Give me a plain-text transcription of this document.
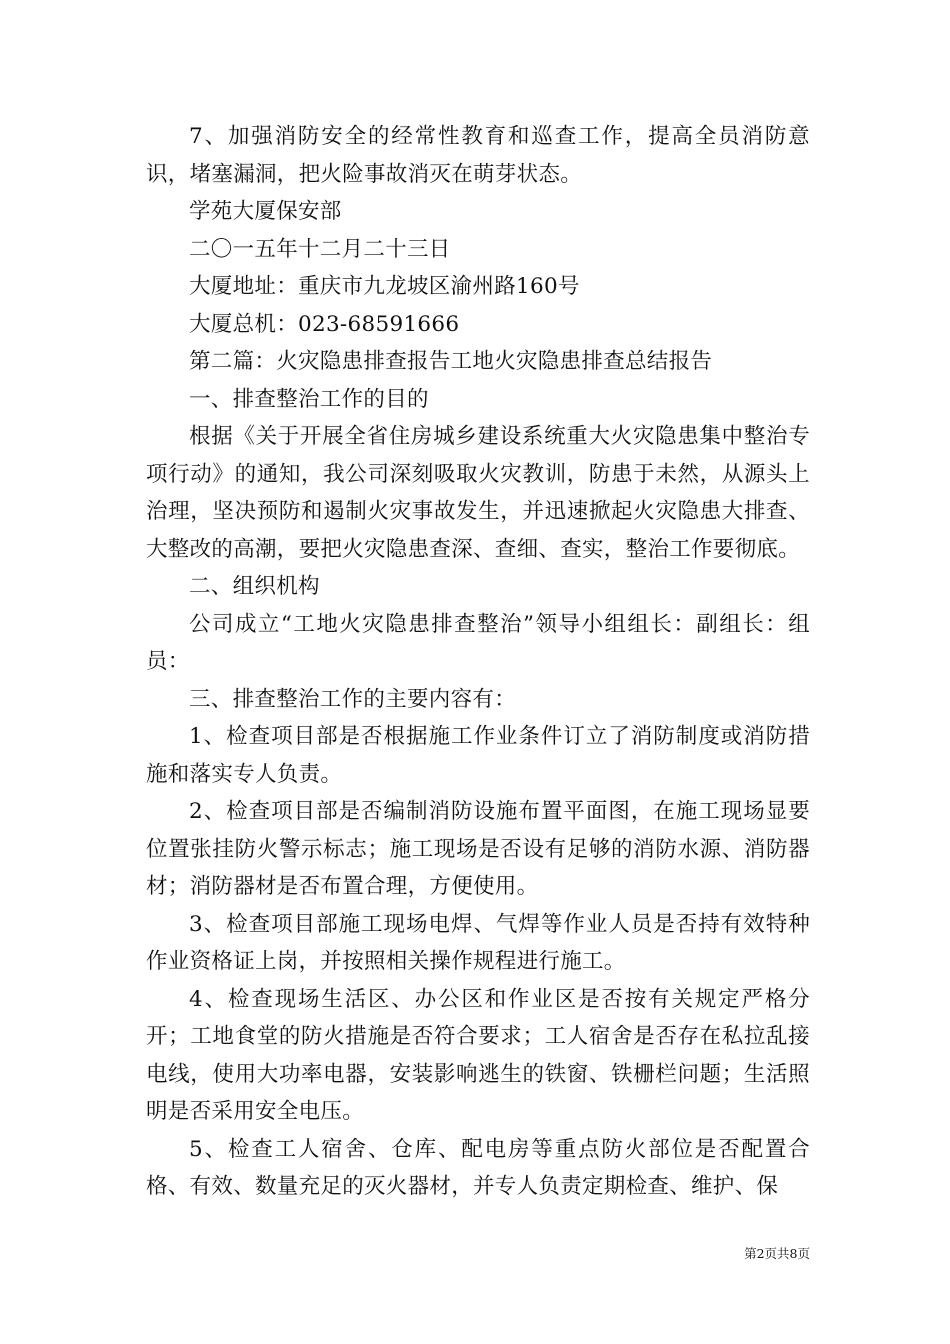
7、加强消防安全的经常性教育和巡查工作，提高全员消防意识，堵塞漏洞，把火险事故消灭在萌芽状态。

学苑大厦保安部

二〇一五年十二月二十三日

大厦地址：重庆市九龙坡区渝州路160号

大厦总机：023-68591666

第二篇：火灾隐患排查报告工地火灾隐患排查总结报告

一、排查整治工作的目的

根据《关于开展全省住房城乡建设系统重大火灾隐患集中整治专项行动》的通知，我公司深刻吸取火灾教训，防患于未然，从源头上治理，坚决预防和遏制火灾事故发生，并迅速掀起火灾隐患大排查、大整改的高潮，要把火灾隐患查深、查细、查实，整治工作要彻底。

二、组织机构

公司成立“工地火灾隐患排查整治”领导小组组长：副组长：组员：

三、排查整治工作的主要内容有：

1、检查项目部是否根据施工作业条件订立了消防制度或消防措施和落实专人负责。

2、检查项目部是否编制消防设施布置平面图，在施工现场显要位置张挂防火警示标志；施工现场是否设有足够的消防水源、消防器材；消防器材是否布置合理，方便使用。

3、检查项目部施工现场电焊、气焊等作业人员是否持有效特种作业资格证上岗，并按照相关操作规程进行施工。

4、检查现场生活区、办公区和作业区是否按有关规定严格分开；工地食堂的防火措施是否符合要求；工人宿舍是否存在私拉乱接电线，使用大功率电器，安装影响逃生的铁窗、铁栅栏问题；生活照明是否采用安全电压。

5、检查工人宿舍、仓库、配电房等重点防火部位是否配置合格、有效、数量充足的灭火器材，并专人负责定期检查、维护、保

第2页共8页
